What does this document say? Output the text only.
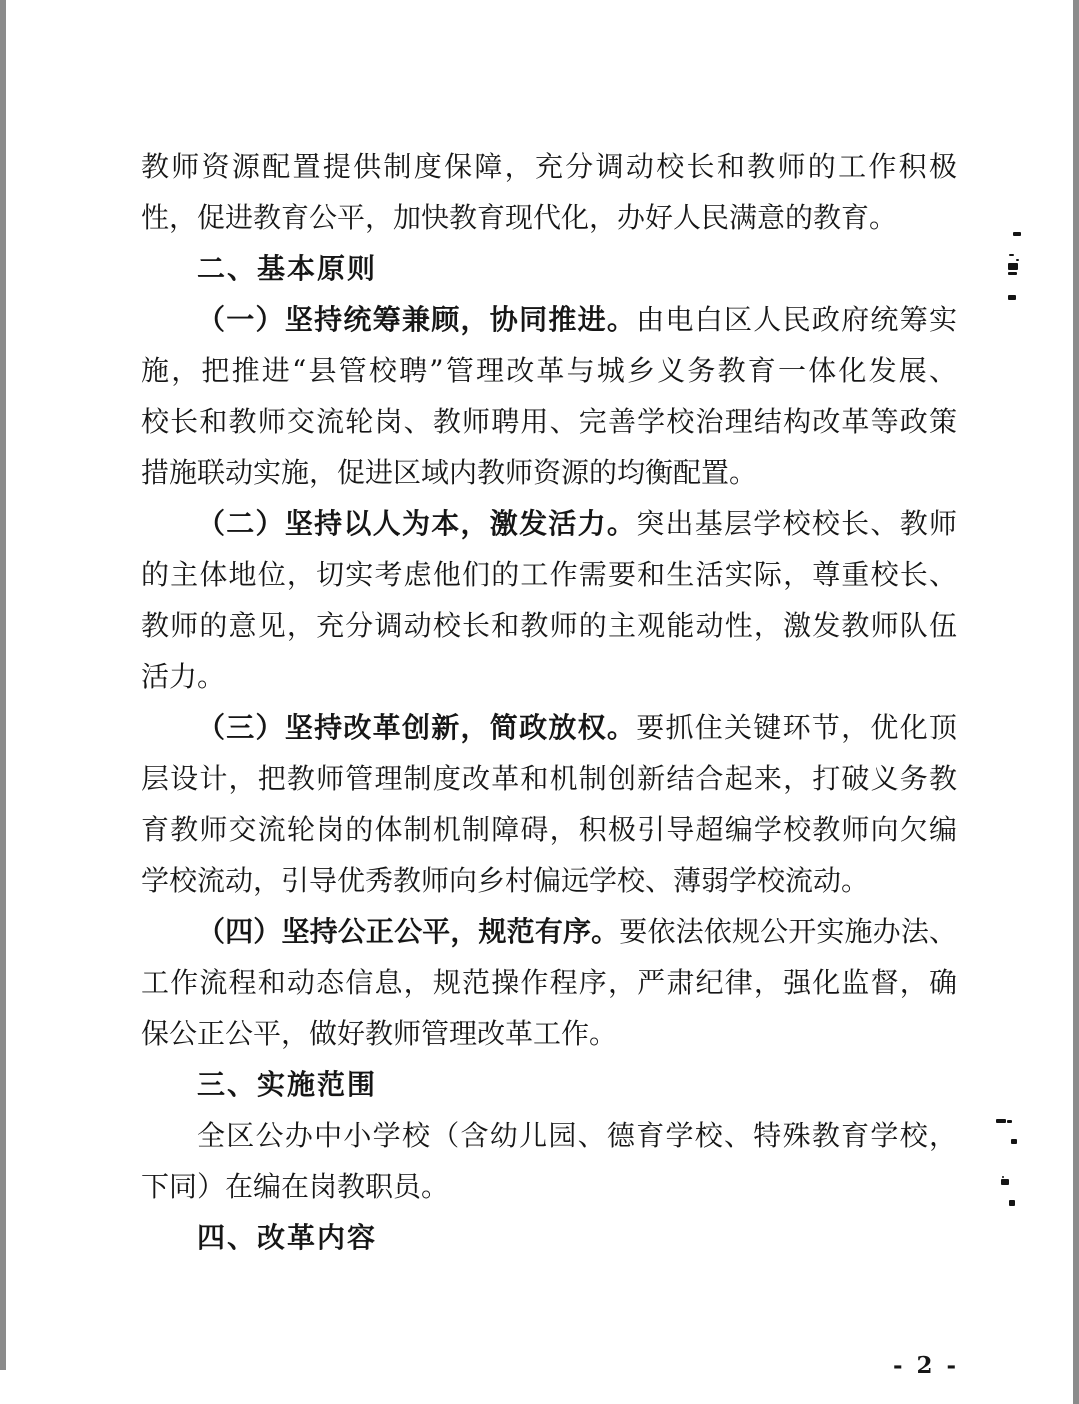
教师资源配置提供制度保障，充分调动校长和教师的工作积极
性，促进教育公平，加快教育现代化，办好人民满意的教育。
二、基本原则
（一）坚持统筹兼顾，协同推进。由电白区人民政府统筹实
施，把推进“县管校聘”管理改革与城乡义务教育一体化发展、
校长和教师交流轮岗、教师聘用、完善学校治理结构改革等政策
措施联动实施，促进区域内教师资源的均衡配置。
（二）坚持以人为本，激发活力。突出基层学校校长、教师
的主体地位，切实考虑他们的工作需要和生活实际，尊重校长、
教师的意见，充分调动校长和教师的主观能动性，激发教师队伍
活力。
（三）坚持改革创新，简政放权。要抓住关键环节，优化顶
层设计，把教师管理制度改革和机制创新结合起来，打破义务教
育教师交流轮岗的体制机制障碍，积极引导超编学校教师向欠编
学校流动，引导优秀教师向乡村偏远学校、薄弱学校流动。
（四）坚持公正公平，规范有序。要依法依规公开实施办法、
工作流程和动态信息，规范操作程序，严肃纪律，强化监督，确
保公正公平，做好教师管理改革工作。
三、实施范围
全区公办中小学校（含幼儿园、德育学校、特殊教育学校，
下同）在编在岗教职员。
四、改革内容
- 2 -
